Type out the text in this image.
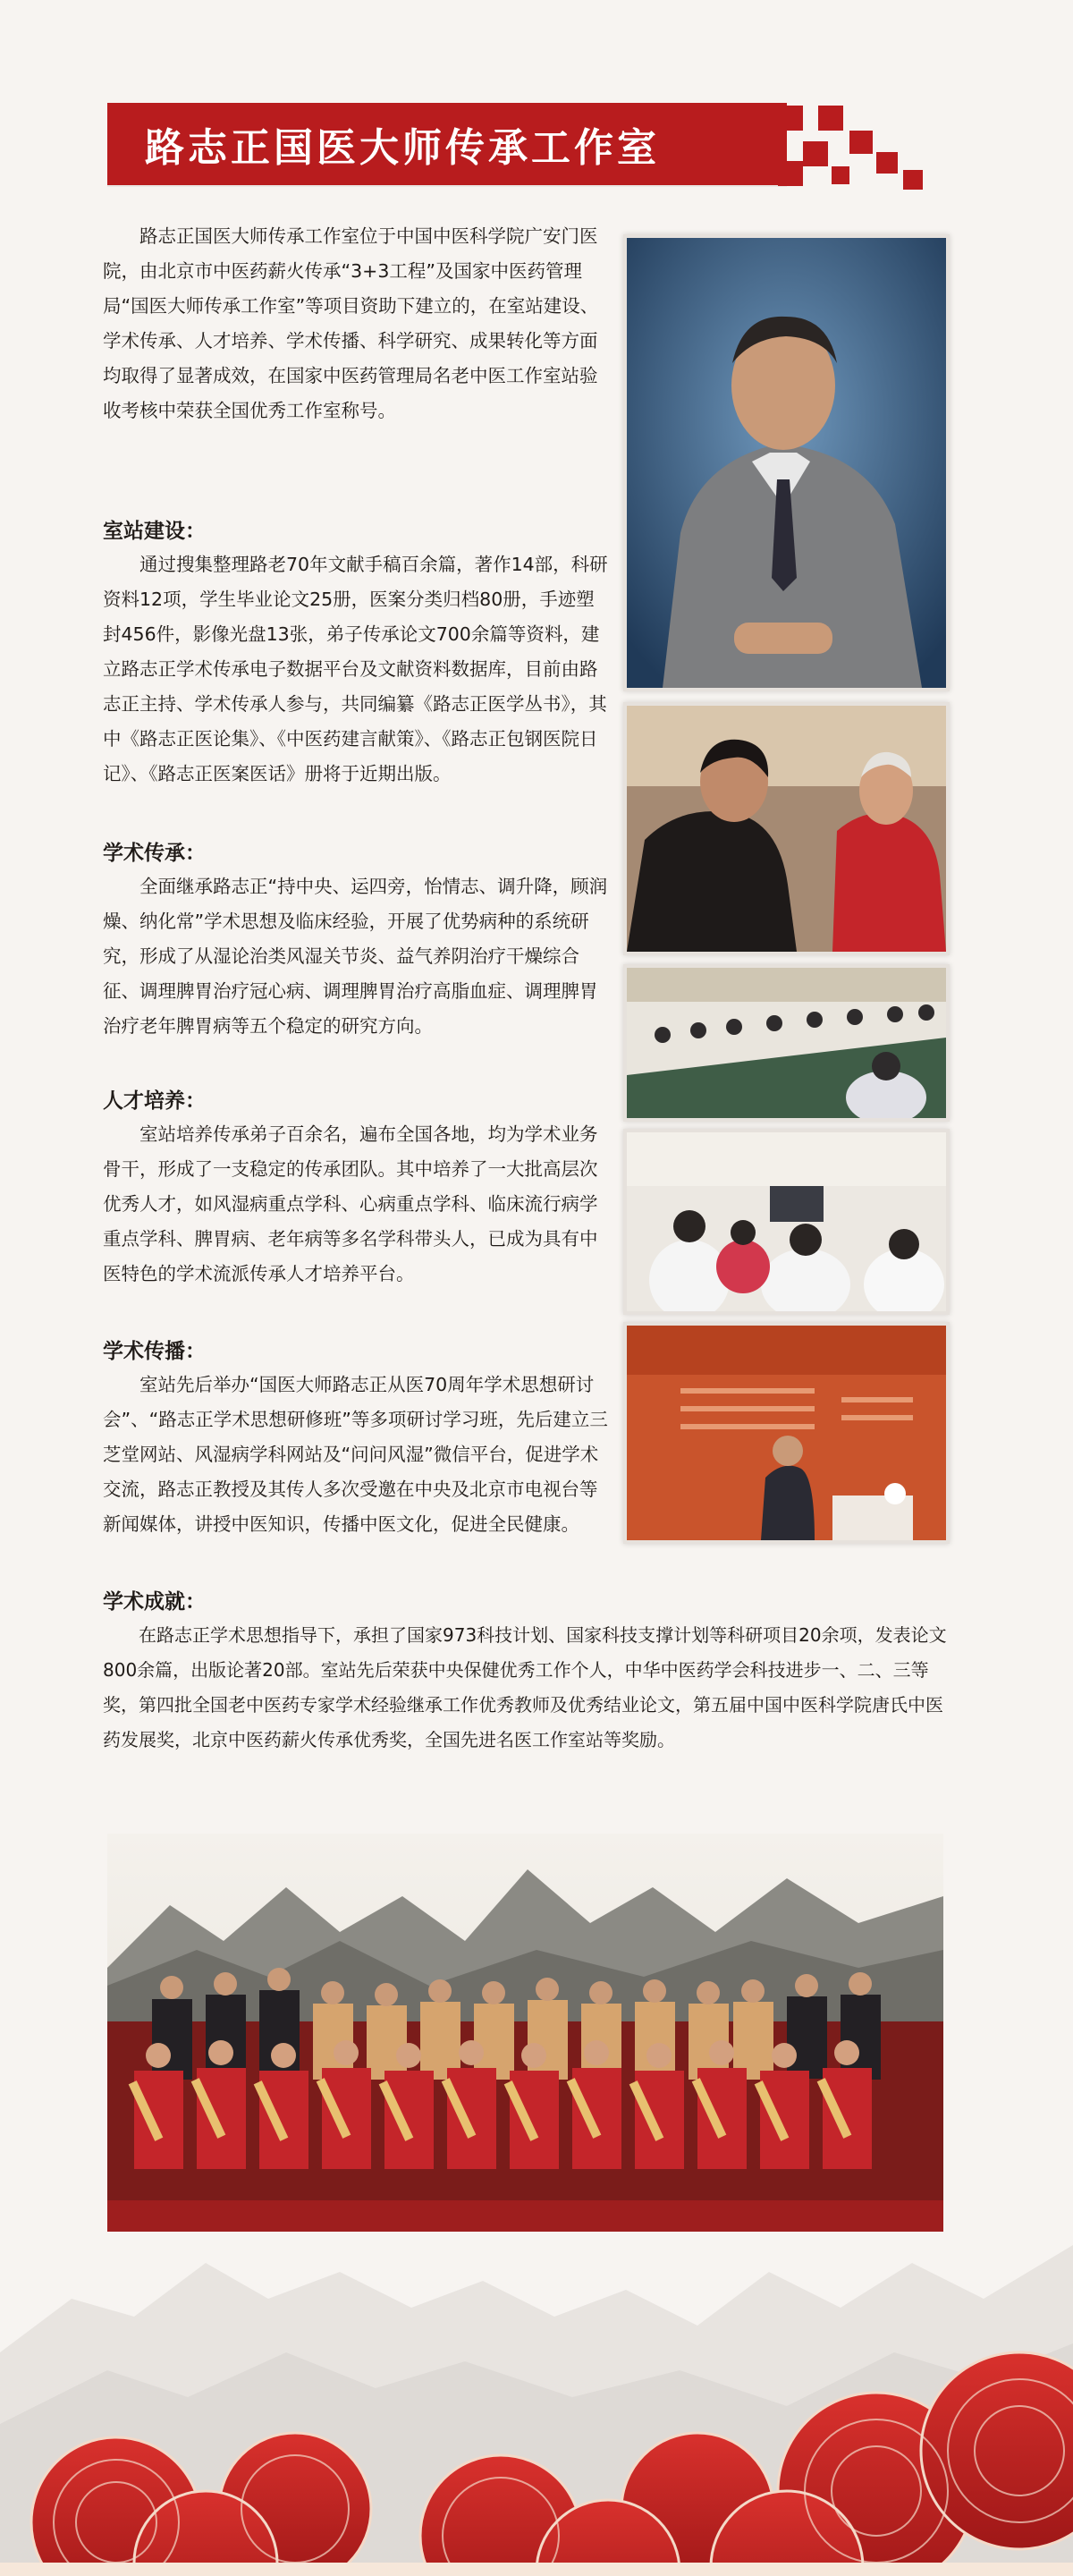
路志正国医大师传承工作室

路志正国医大师传承工作室位于中国中医科学院广安门医院，由北京市中医药薪火传承“3+3工程”及国家中医药管理局“国医大师传承工作室”等项目资助下建立的，在室站建设、学术传承、人才培养、学术传播、科学研究、成果转化等方面均取得了显著成效，在国家中医药管理局名老中医工作室站验收考核中荣获全国优秀工作室称号。

室站建设：

通过搜集整理路老70年文献手稿百余篇，著作14部，科研资料12项，学生毕业论文25册，医案分类归档80册，手迹塑封456件，影像光盘13张，弟子传承论文700余篇等资料，建立路志正学术传承电子数据平台及文献资料数据库，目前由路志正主持、学术传承人参与，共同编纂《路志正医学丛书》，其中《路志正医论集》、《中医药建言献策》、《路志正包钢医院日记》、《路志正医案医话》册将于近期出版。

学术传承：

全面继承路志正“持中央、运四旁，怡情志、调升降，顾润燥、纳化常”学术思想及临床经验，开展了优势病种的系统研究，形成了从湿论治类风湿关节炎、益气养阴治疗干燥综合征、调理脾胃治疗冠心病、调理脾胃治疗高脂血症、调理脾胃治疗老年脾胃病等五个稳定的研究方向。

人才培养：

室站培养传承弟子百余名，遍布全国各地，均为学术业务骨干，形成了一支稳定的传承团队。其中培养了一大批高层次优秀人才，如风湿病重点学科、心病重点学科、临床流行病学重点学科、脾胃病、老年病等多名学科带头人，已成为具有中医特色的学术流派传承人才培养平台。

学术传播：

室站先后举办“国医大师路志正从医70周年学术思想研讨会”、“路志正学术思想研修班”等多项研讨学习班，先后建立三芝堂网站、风湿病学科网站及“问问风湿”微信平台，促进学术交流，路志正教授及其传人多次受邀在中央及北京市电视台等新闻媒体，讲授中医知识，传播中医文化，促进全民健康。

学术成就：

在路志正学术思想指导下，承担了国家973科技计划、国家科技支撑计划等科研项目20余项，发表论文800余篇，出版论著20部。室站先后荣获中央保健优秀工作个人，中华中医药学会科技进步一、二、三等奖，第四批全国老中医药专家学术经验继承工作优秀教师及优秀结业论文，第五届中国中医科学院唐氏中医药发展奖，北京中医药薪火传承优秀奖，全国先进名医工作室站等奖励。
